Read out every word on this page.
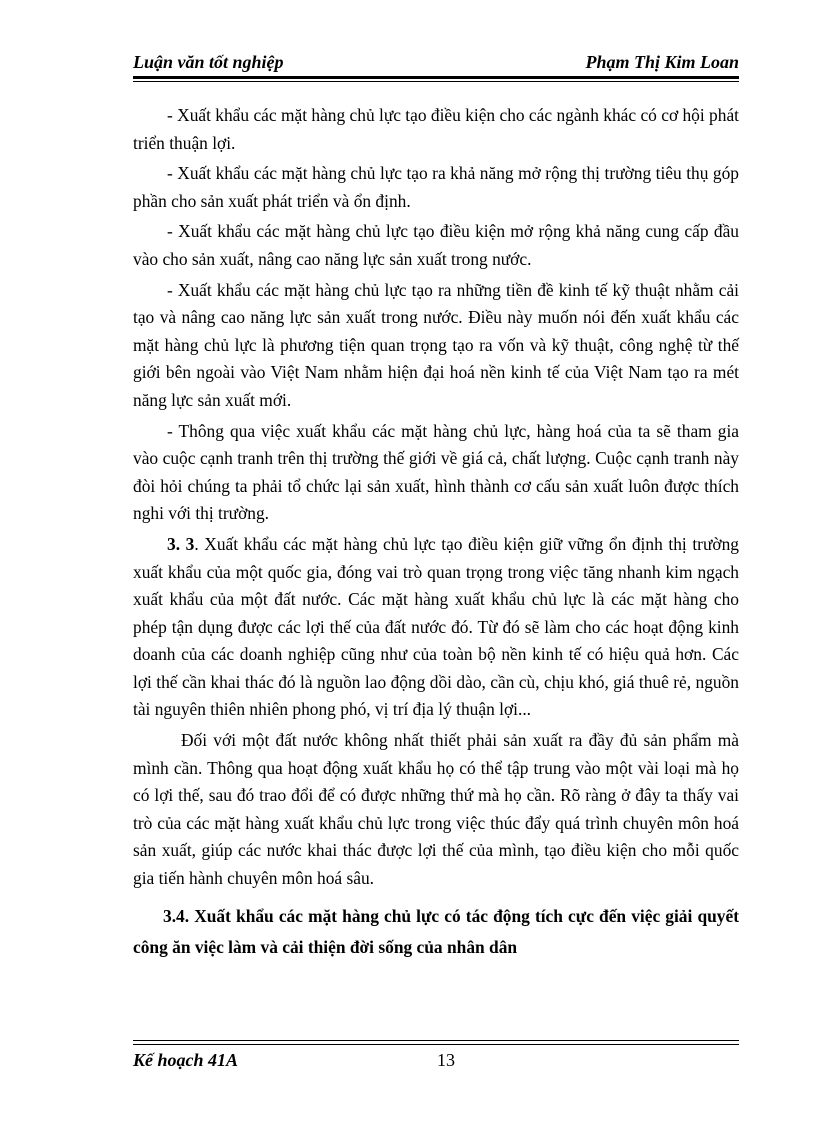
Luận văn tốt nghiệp	Phạm Thị Kim Loan

- Xuất khẩu các mặt hàng chủ lực tạo điều kiện cho các ngành khác có cơ hội phát triển thuận lợi.

- Xuất khẩu các mặt hàng chủ lực tạo ra khả năng mở rộng thị trường tiêu thụ góp phần cho sản xuất phát triển và ổn định.

- Xuất khẩu các mặt hàng chủ lực tạo điều kiện mở rộng khả năng cung cấp đầu vào cho sản xuất, nâng cao năng lực sản xuất trong nước.

- Xuất khẩu các mặt hàng chủ lực tạo ra những tiền đề kinh tế kỹ thuật nhằm cải tạo và nâng cao năng lực sản xuất trong nước. Điều này muốn nói đến xuất khẩu các mặt hàng chủ lực là phương tiện quan trọng tạo ra vốn và kỹ thuật, công nghệ từ thế giới bên ngoài vào Việt Nam nhằm hiện đại hoá nền kinh tế của Việt Nam tạo ra mét năng lực sản xuất mới.

- Thông qua việc xuất khẩu các mặt hàng chủ lực, hàng hoá của ta sẽ tham gia vào cuộc cạnh tranh trên thị trường thế giới về giá cả, chất lượng. Cuộc cạnh tranh này đòi hỏi chúng ta phải tổ chức lại sản xuất, hình thành cơ cấu sản xuất luôn được thích nghi với thị trường.

3. 3. Xuất khẩu các mặt hàng chủ lực tạo điều kiện giữ vững ổn định thị trường xuất khẩu của một quốc gia, đóng vai trò quan trọng trong việc tăng nhanh kim ngạch xuất khẩu của một đất nước. Các mặt hàng xuất khẩu chủ lực là các mặt hàng cho phép tận dụng được các lợi thế của đất nước đó. Từ đó sẽ làm cho các hoạt động kinh doanh của các doanh nghiệp cũng như của toàn bộ nền kinh tế có hiệu quả hơn. Các lợi thế cần khai thác đó là nguồn lao động dồi dào, cần cù, chịu khó, giá thuê rẻ, nguồn tài nguyên thiên nhiên phong phó, vị trí địa lý thuận lợi...

Đối với một đất nước không nhất thiết phải sản xuất ra đầy đủ sản phẩm mà mình cần. Thông qua hoạt động xuất khẩu họ có thể tập trung vào một vài loại mà họ có lợi thế, sau đó trao đổi để có được những thứ mà họ cần. Rõ ràng ở đây ta thấy vai trò của các mặt hàng xuất khẩu chủ lực trong việc thúc đẩy quá trình chuyên môn hoá sản xuất, giúp các nước khai thác được lợi thế của mình, tạo điều kiện cho mỗi quốc gia tiến hành chuyên môn hoá sâu.

3.4. Xuất khẩu các mặt hàng chủ lực có tác động tích cực đến việc giải quyết công ăn việc làm và cải thiện đời sống của nhân dân

Kế hoạch 41A	13
